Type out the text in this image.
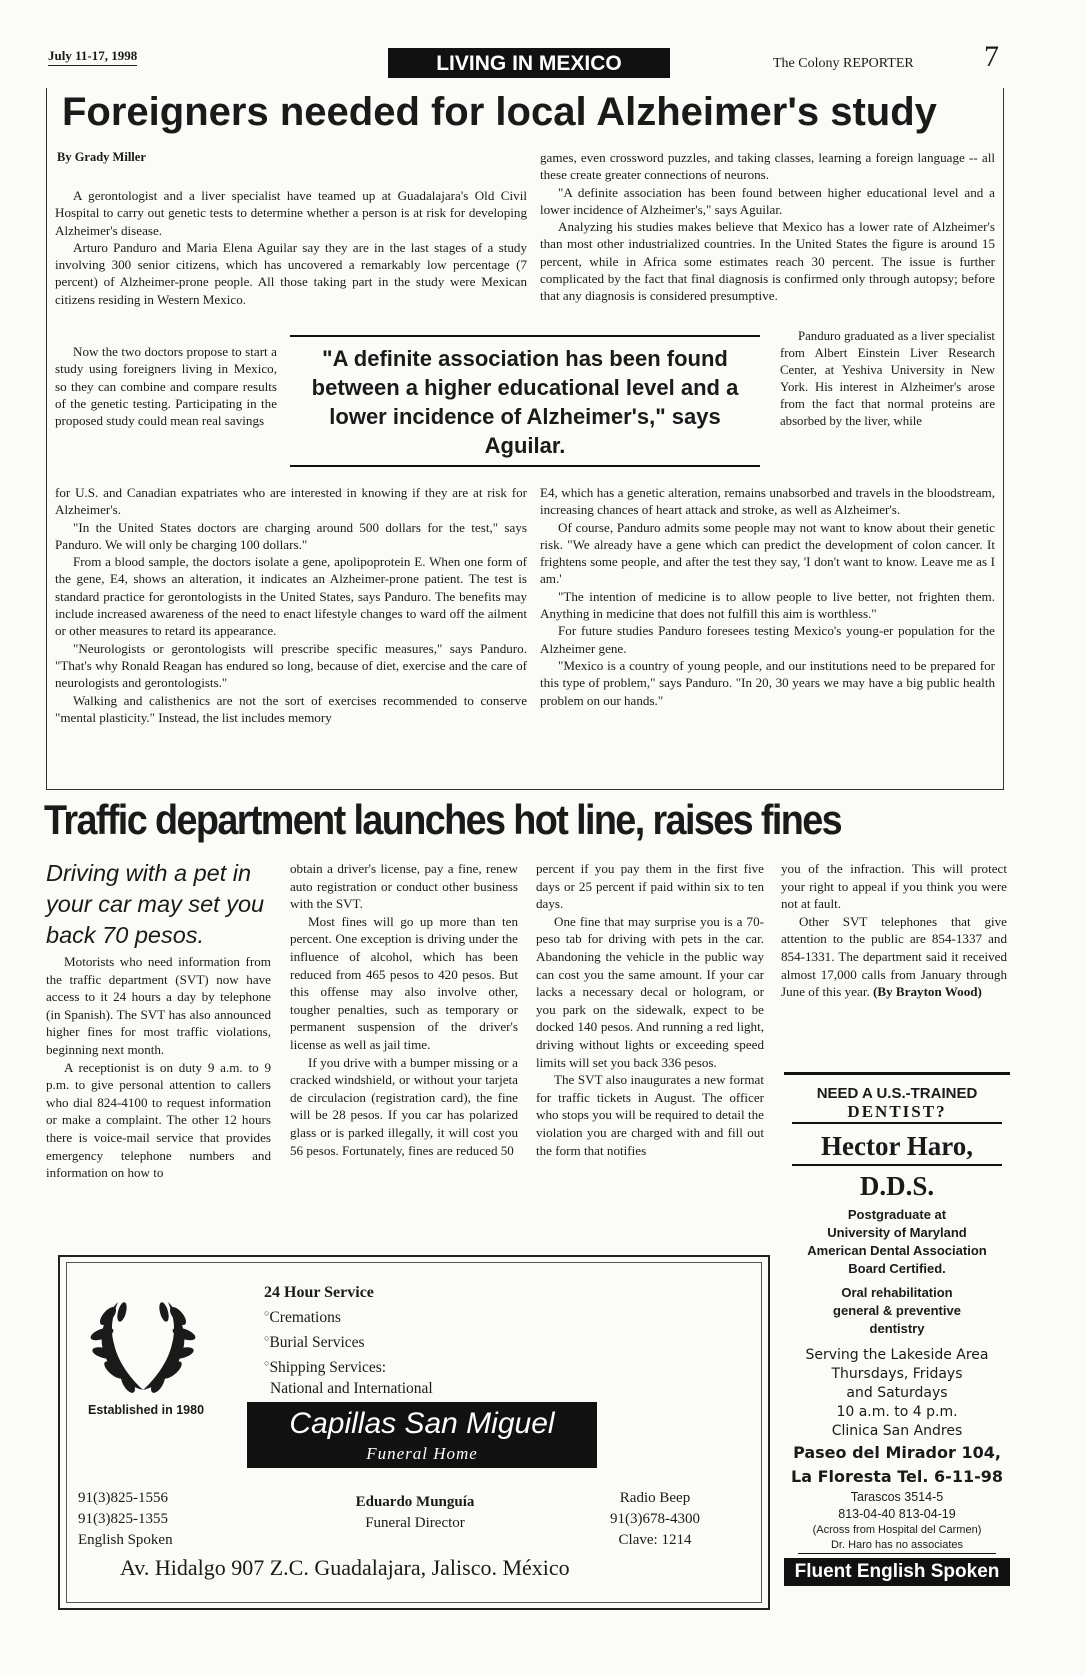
July 11-17, 1998	LIVING IN MEXICO	The Colony REPORTER 7
Foreigners needed for local Alzheimer's study
By Grady Miller

A gerontologist and a liver specialist have teamed up at Guadalajara's Old Civil Hospital to carry out genetic tests to determine whether a person is at risk for developing Alzheimer's disease.

Arturo Panduro and Maria Elena Aguilar say they are in the last stages of a study involving 300 senior citizens, which has uncovered a remarkably low percentage (7 percent) of Alzheimer-prone people. All those taking part in the study were Mexican citizens residing in Western Mexico.

Now the two doctors propose to start a study using foreigners living in Mexico, so they can combine and compare results of the genetic testing. Participating in the proposed study could mean real savings

for U.S. and Canadian expatriates who are interested in knowing if they are at risk for Alzheimer's.

"In the United States doctors are charging around 500 dollars for the test," says Panduro. We will only be charging 100 dollars."

From a blood sample, the doctors isolate a gene, apolipoprotein E. When one form of the gene, E4, shows an alteration, it indicates an Alzheimer-prone patient. The test is standard practice for gerontologists in the United States, says Panduro. The benefits may include increased awareness of the need to enact lifestyle changes to ward off the ailment or other measures to retard its appearance.

"Neurologists or gerontologists will prescribe specific measures," says Panduro. "That's why Ronald Reagan has endured so long, because of diet, exercise and the care of neurologists and gerontologists."

Walking and calisthenics are not the sort of exercises recommended to conserve "mental plasticity." Instead, the list includes memory

games, even crossword puzzles, and taking classes, learning a foreign language -- all these create greater connections of neurons.

"A definite association has been found between higher educational level and a lower incidence of Alzheimer's," says Aguilar.

Analyzing his studies makes believe that Mexico has a lower rate of Alzheimer's than most other industrialized countries. In the United States the figure is around 15 percent, while in Africa some estimates reach 30 percent. The issue is further complicated by the fact that final diagnosis is confirmed only through autopsy; before that any diagnosis is considered presumptive.

Panduro graduated as a liver specialist from Albert Einstein Liver Research Center, at Yeshiva University in New York. His interest in Alzheimer's arose from the fact that normal proteins are absorbed by the liver, while

E4, which has a genetic alteration, remains unabsorbed and travels in the bloodstream, increasing chances of heart attack and stroke, as well as Alzheimer's.

Of course, Panduro admits some people may not want to know about their genetic risk. "We already have a gene which can predict the development of colon cancer. It frightens some people, and after the test they say, 'I don't want to know. Leave me as I am.'

"The intention of medicine is to allow people to live better, not frighten them. Anything in medicine that does not fulfill this aim is worthless."

For future studies Panduro foresees testing Mexico's young-er population for the Alzheimer gene.

"Mexico is a country of young people, and our institutions need to be prepared for this type of problem," says Panduro. "In 20, 30 years we may have a big public health problem on our hands."

"A definite association has been found between a higher educational level and a lower incidence of Alzheimer's," says Aguilar.
Traffic department launches hot line, raises fines
Driving with a pet in your car may set you back 70 pesos.

Motorists who need information from the traffic department (SVT) now have access to it 24 hours a day by telephone (in Spanish). The SVT has also announced higher fines for most traffic violations, beginning next month.

A receptionist is on duty 9 a.m. to 9 p.m. to give personal attention to callers who dial 824-4100 to request information or make a complaint. The other 12 hours there is voice-mail service that provides emergency telephone numbers and information on how to

obtain a driver's license, pay a fine, renew auto registration or conduct other business with the SVT.

Most fines will go up more than ten percent. One exception is driving under the influence of alcohol, which has been reduced from 465 pesos to 420 pesos. But this offense may also involve other, tougher penalties, such as temporary or permanent suspension of the driver's license as well as jail time.

If you drive with a bumper missing or a cracked windshield, or without your tarjeta de circulacion (registration card), the fine will be 28 pesos. If you car has polarized glass or is parked illegally, it will cost you 56 pesos. Fortunately, fines are reduced 50

percent if you pay them in the first five days or 25 percent if paid within six to ten days.

One fine that may surprise you is a 70-peso tab for driving with pets in the car. Abandoning the vehicle in the public way can cost you the same amount. If your car lacks a necessary decal or hologram, or you park on the sidewalk, expect to be docked 140 pesos. And running a red light, driving without lights or exceeding speed limits will set you back 336 pesos.

The SVT also inaugurates a new format for traffic tickets in August. The officer who stops you will be required to detail the violation you are charged with and fill out the form that notifies

you of the infraction. This will protect your right to appeal if you think you were not at fault.

Other SVT telephones that give attention to the public are 854-1337 and 854-1331. The department said it received almost 17,000 calls from January through June of this year. (By Brayton Wood)

NEED A U.S.-TRAINED
DENTIST?
Hector Haro,
D.D.S.
Postgraduate at
University of Maryland
American Dental Association
Board Certified.
Oral rehabilitation
general & preventive
dentistry
Serving the Lakeside Area
Thursdays, Fridays
and Saturdays
10 a.m. to 4 p.m.
Clinica San Andres
Paseo del Mirador 104,
La Floresta Tel. 6-11-98
Tarascos 3514-5
813-04-40 813-04-19
(Across from Hospital del Carmen)
Dr. Haro has no associates
Fluent English Spoken
Established in 1980
24 Hour Service
○Cremations
○Burial Services
○Shipping Services:
National and International
Capillas San Miguel
Funeral Home
91(3)825-1556
91(3)825-1355
English Spoken
Eduardo Munguía
Funeral Director
Radio Beep
91(3)678-4300
Clave: 1214
Av. Hidalgo 907 Z.C. Guadalajara, Jalisco. México
